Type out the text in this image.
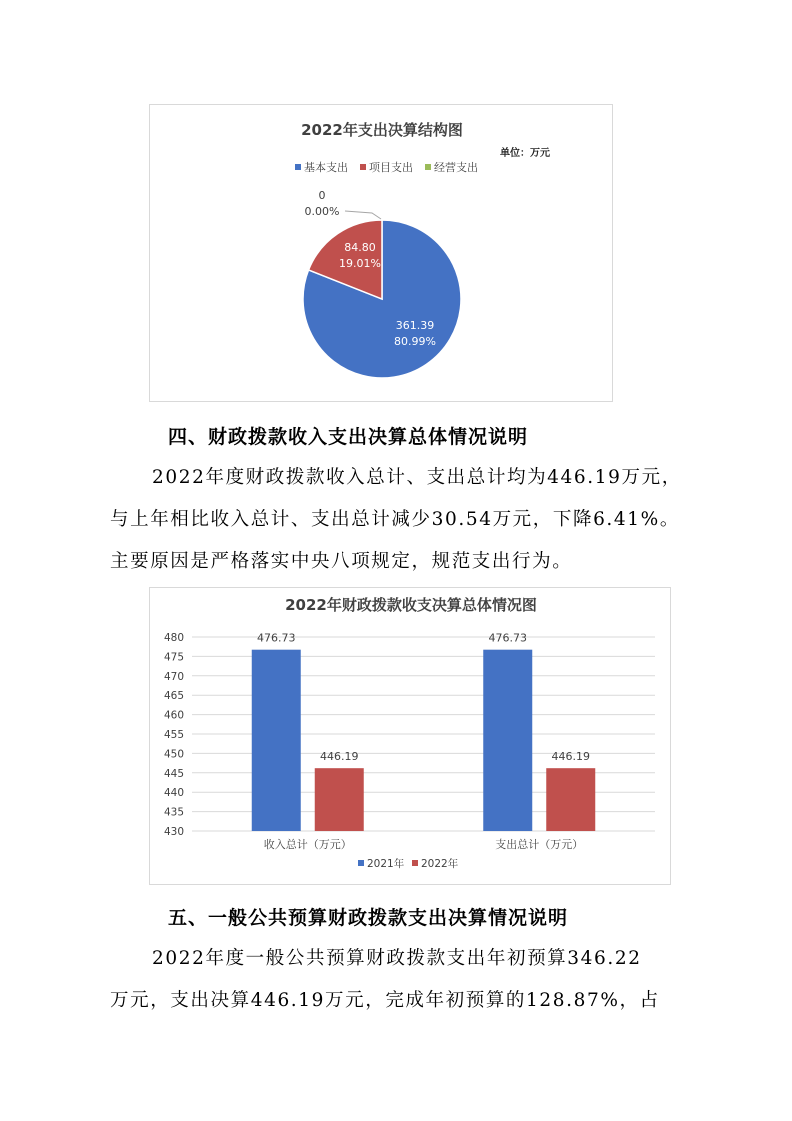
2022年支出决算结构图
单位：万元
基本支出 项目支出 经营支出
361.39
80.99%
84.80
19.01%
0
0.00%
四、财政拨款收入支出决算总体情况说明
2022年度财政拨款收入总计、支出总计均为446.19万元，
与上年相比收入总计、支出总计减少30.54万元，下降6.41%。
主要原因是严格落实中央八项规定，规范支出行为。
2022年财政拨款收支决算总体情况图
430
435
440
445
450
455
460
465
470
475
480	476.73
446.19
476.73
446.19
收入总计（万元）	支出总计（万元）
2021年 2022年
五、一般公共预算财政拨款支出决算情况说明
2022年度一般公共预算财政拨款支出年初预算346.22
万元，支出决算446.19万元，完成年初预算的128.87%，占
